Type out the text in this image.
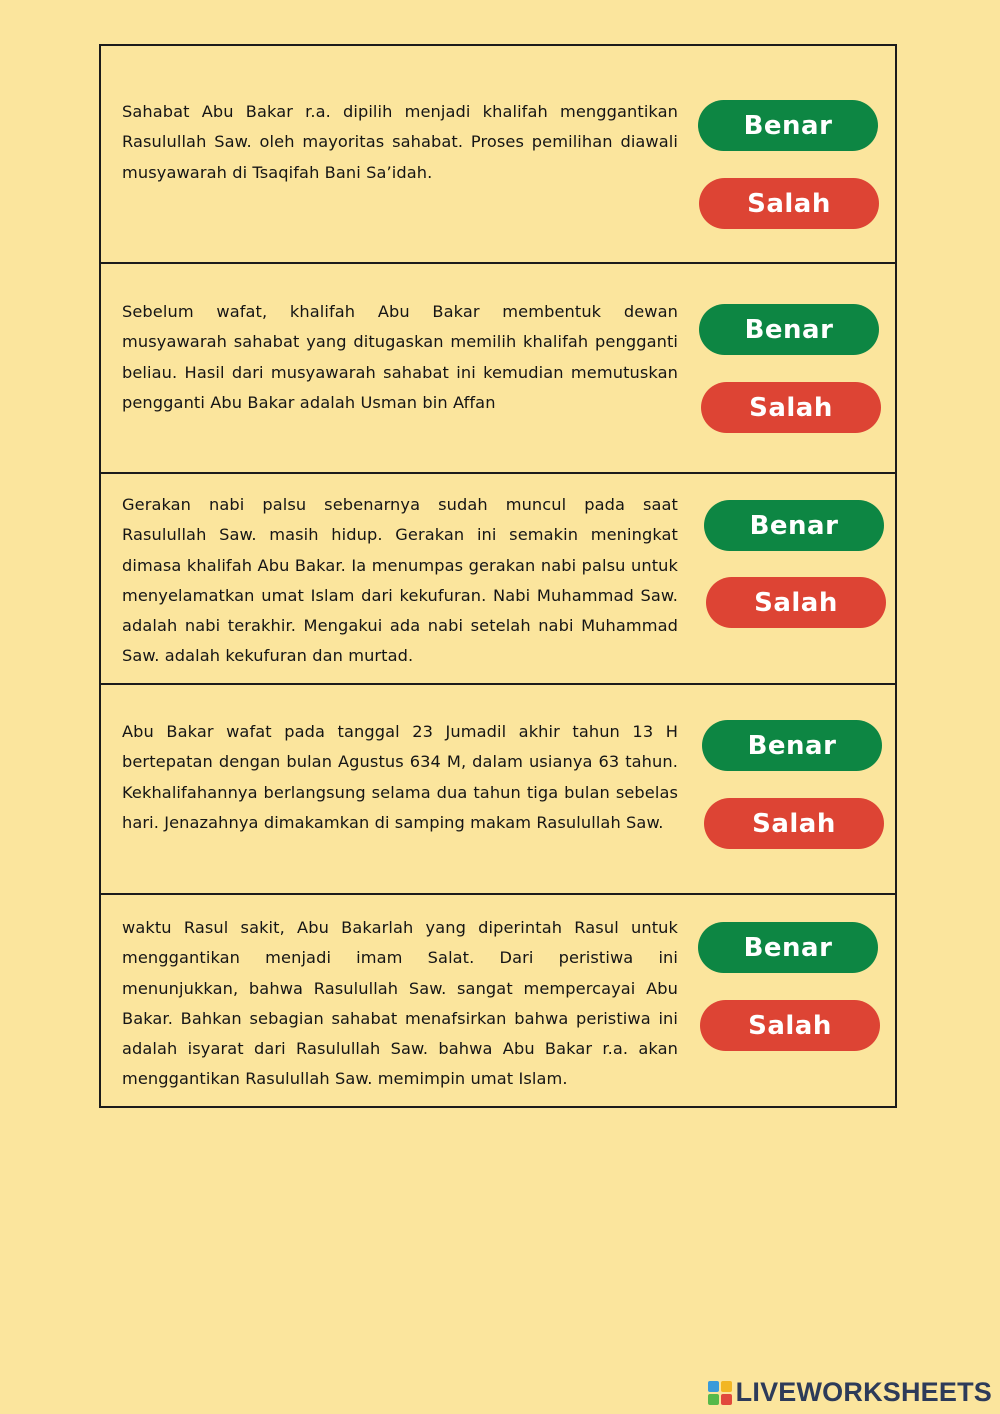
Sahabat Abu Bakar r.a. dipilih menjadi khalifah menggantikan Rasulullah Saw. oleh mayoritas sahabat. Proses pemilihan diawali musyawarah di Tsaqifah Bani Sa’idah.

Benar
Salah

Sebelum wafat, khalifah Abu Bakar membentuk dewan musyawarah sahabat yang ditugaskan memilih khalifah pengganti beliau. Hasil dari musyawarah sahabat ini kemudian memutuskan pengganti Abu Bakar adalah Usman bin Affan

Benar
Salah

Gerakan nabi palsu sebenarnya sudah muncul pada saat Rasulullah Saw. masih hidup. Gerakan ini semakin meningkat dimasa khalifah Abu Bakar. Ia menumpas gerakan nabi palsu untuk menyelamatkan umat Islam dari kekufuran. Nabi Muhammad Saw. adalah nabi terakhir. Mengakui ada nabi setelah nabi Muhammad Saw. adalah kekufuran dan murtad.

Benar
Salah

Abu Bakar wafat pada tanggal 23 Jumadil akhir tahun 13 H bertepatan dengan bulan Agustus 634 M, dalam usianya 63 tahun. Kekhalifahannya berlangsung selama dua tahun tiga bulan sebelas hari. Jenazahnya dimakamkan di samping makam Rasulullah Saw.

Benar
Salah

waktu Rasul sakit, Abu Bakarlah yang diperintah Rasul untuk menggantikan menjadi imam Salat. Dari peristiwa ini menunjukkan, bahwa Rasulullah Saw. sangat mempercayai Abu Bakar. Bahkan sebagian sahabat menafsirkan bahwa peristiwa ini adalah isyarat dari Rasulullah Saw. bahwa Abu Bakar r.a. akan menggantikan Rasulullah Saw. memimpin umat Islam.

Benar
Salah
LIVEWORKSHEETS
